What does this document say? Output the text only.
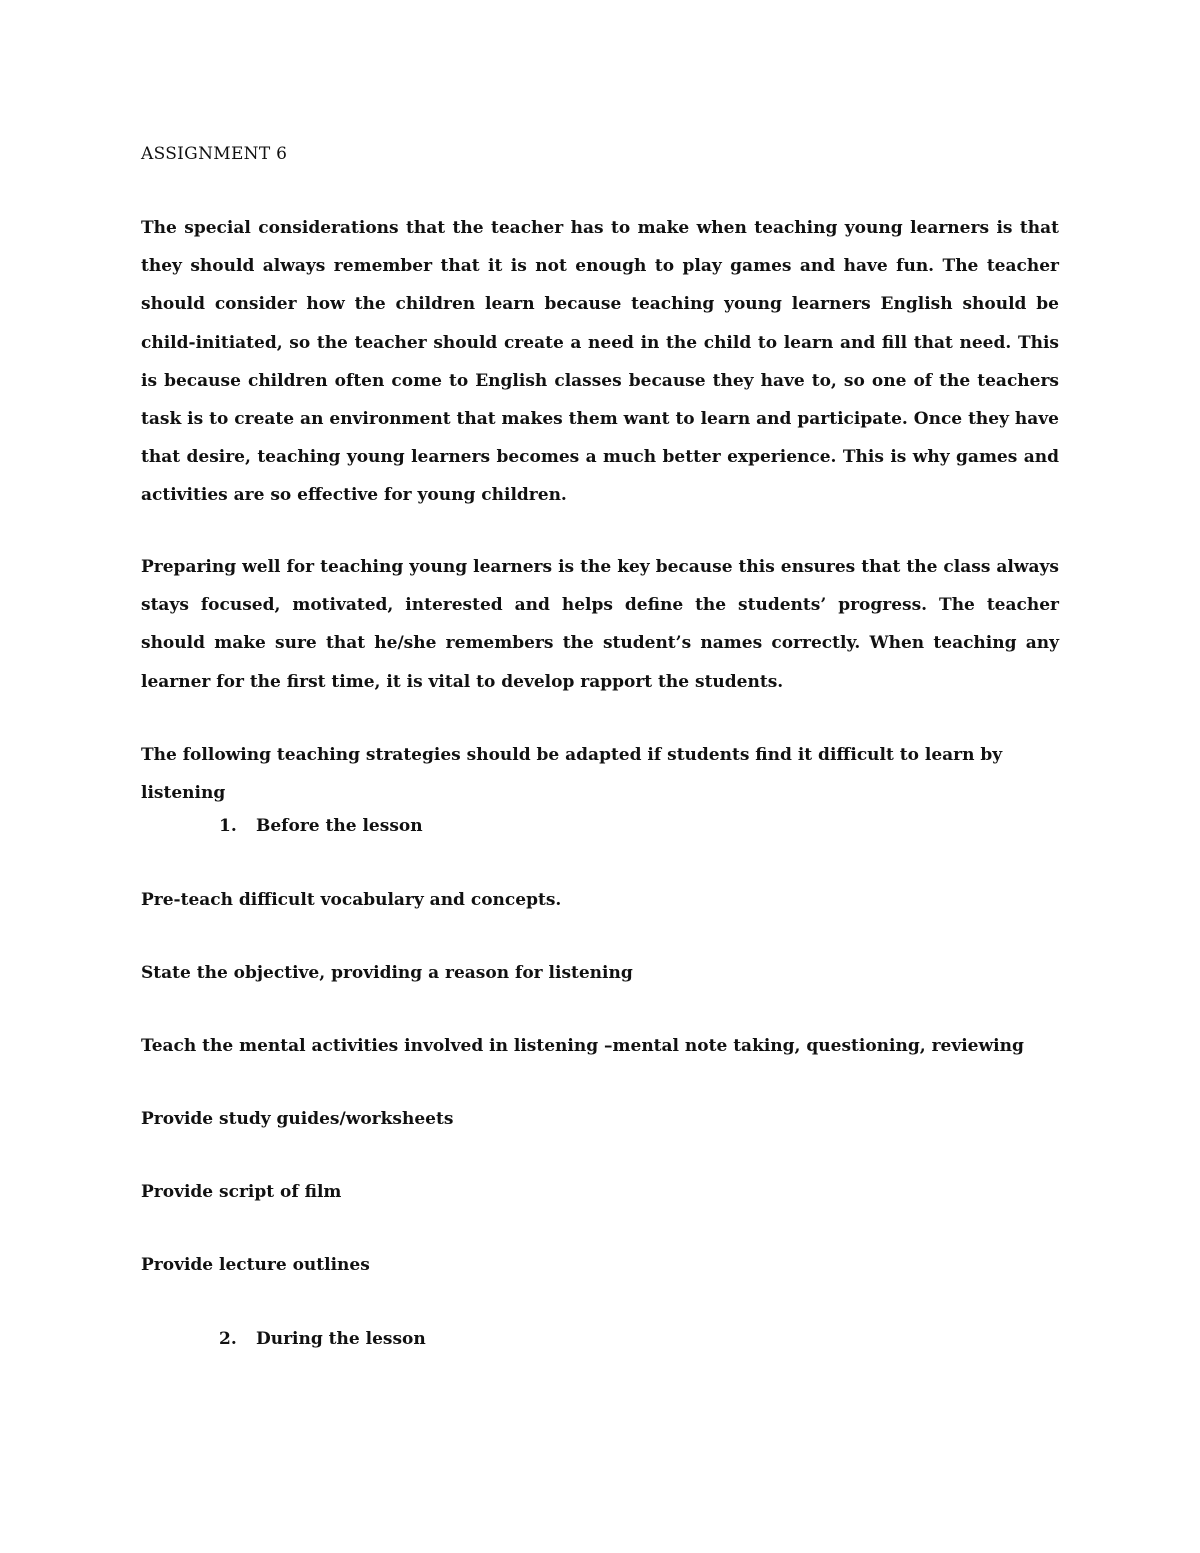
ASSIGNMENT 6

The special considerations that the teacher has to make when teaching young learners is that they should always remember that it is not enough to play games and have fun. The teacher should consider how the children learn because teaching young learners English should be child-initiated, so the teacher should create a need in the child to learn and fill that need. This is because children often come to English classes because they have to, so one of the teachers task is to create an environment that makes them want to learn and participate. Once they have that desire, teaching young learners becomes a much better experience. This is why games and activities are so effective for young children.

Preparing well for teaching young learners is the key because this ensures that the class always stays focused, motivated, interested and helps define the students’ progress. The teacher should make sure that he/she remembers the student’s names correctly. When teaching any learner for the first time, it is vital to develop rapport the students.

The following teaching strategies should be adapted if students find it difficult to learn by listening

1. Before the lesson

Pre-teach difficult vocabulary and concepts.

State the objective, providing a reason for listening

Teach the mental activities involved in listening –mental note taking, questioning, reviewing

Provide study guides/worksheets

Provide script of film

Provide lecture outlines

2. During the lesson
